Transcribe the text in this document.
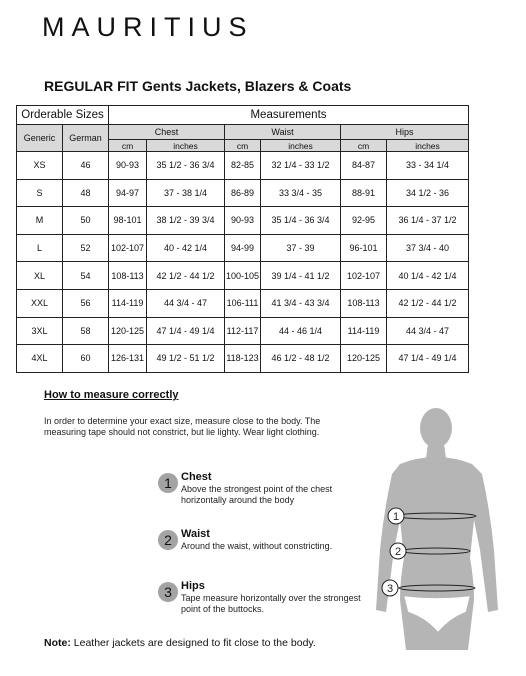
MAURITIUS
REGULAR FIT Gents Jackets, Blazers & Coats
Orderable Sizes		Measurements					
Generic	German	Chest		Waist		Hips	
		cm	inches	cm	inches	cm	inches
XS	46	90-93	35 1/2 - 36 3/4	82-85	32 1/4 - 33 1/2	84-87	33 - 34 1/4
S	48	94-97	37 - 38 1/4	86-89	33 3/4 - 35	88-91	34 1/2 - 36
M	50	98-101	38 1/2 - 39 3/4	90-93	35 1/4 - 36 3/4	92-95	36 1/4 - 37 1/2
L	52	102-107	40 - 42 1/4	94-99	37 - 39	96-101	37 3/4 - 40
XL	54	108-113	42 1/2 - 44 1/2	100-105	39 1/4 - 41 1/2	102-107	40 1/4 - 42 1/4
XXL	56	114-119	44 3/4 - 47	106-111	41 3/4 - 43 3/4	108-113	42 1/2 - 44 1/2
3XL	58	120-125	47 1/4 - 49 1/4	112-117	44 - 46 1/4	114-119	44 3/4 - 47
4XL	60	126-131	49 1/2 - 51 1/2	118-123	46 1/2 - 48 1/2	120-125	47 1/4 - 49 1/4
How to measure correctly
In order to determine your exact size, measure close to the body. The measuring tape should not constrict, but lie lighty. Wear light clothing.
1 Chest
Above the strongest point of the chest horizontally around the body
2 Waist
Around the waist, without constricting.
3 Hips
Tape measure horizontally over the strongest point of the buttocks.
Note: Leather jackets are designed to fit close to the body.
1
2
3
